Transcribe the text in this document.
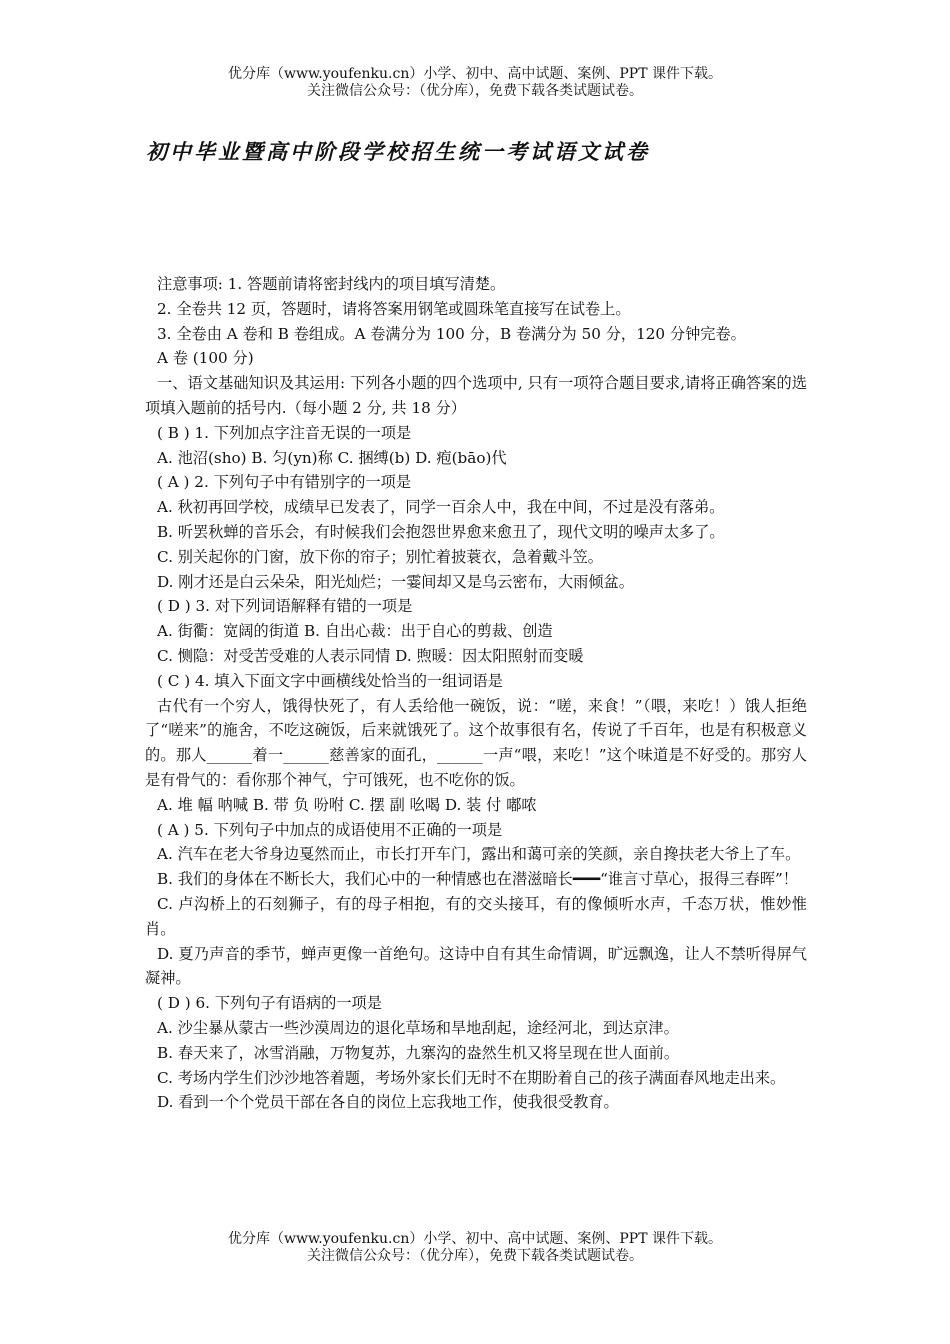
优分库（www.youfenku.cn）小学、初中、高中试题、案例、PPT 课件下载。
关注微信公众号：（优分库），免费下载各类试题试卷。
初中毕业暨高中阶段学校招生统一考试语文试卷

注意事项: 1. 答题前请将密封线内的项目填写清楚。

2. 全卷共 12 页，答题时，请将答案用钢笔或圆珠笔直接写在试卷上。

3. 全卷由 A 卷和 B 卷组成。A 卷满分为 100 分，B 卷满分为 50 分，120 分钟完卷。

A 卷 (100 分)

一、语文基础知识及其运用: 下列各小题的四个选项中, 只有一项符合题目要求,请将正确答案的选项填入题前的括号内.（每小题 2 分, 共 18 分）

( B ) 1. 下列加点字注音无误的一项是

A. 池沼(sho) B. 匀(yn)称 C. 捆缚(b) D. 疱(bāo)代

( A ) 2. 下列句子中有错别字的一项是

A. 秋初再回学校，成绩早已发表了，同学一百余人中，我在中间，不过是没有落弟。

B. 听罢秋蝉的音乐会，有时候我们会抱怨世界愈来愈丑了，现代文明的噪声太多了。

C. 别关起你的门窗，放下你的帘子；别忙着披蓑衣，急着戴斗笠。

D. 刚才还是白云朵朵，阳光灿烂；一霎间却又是乌云密布，大雨倾盆。

( D ) 3. 对下列词语解释有错的一项是

A. 街衢：宽阔的街道 B. 自出心裁：出于自心的剪裁、创造

C. 恻隐：对受苦受难的人表示同情 D. 煦暖：因太阳照射而变暖

( C ) 4. 填入下面文字中画横线处恰当的一组词语是

古代有一个穷人，饿得快死了，有人丢给他一碗饭，说：“嗟，来食！”（喂，来吃！）饿人拒绝了“嗟来”的施舍，不吃这碗饭，后来就饿死了。这个故事很有名，传说了千百年，也是有积极意义的。那人______着一______慈善家的面孔，______一声“喂，来吃！”这个味道是不好受的。那穷人是有骨气的：看你那个神气，宁可饿死，也不吃你的饭。

A. 堆 幅 呐喊 B. 带 负 吩咐 C. 摆 副 吆喝 D. 装 付 嘟哝

( A ) 5. 下列句子中加点的成语使用不正确的一项是

A. 汽车在老大爷身边戛然而止，市长打开车门，露出和蔼可亲的笑颜，亲自搀扶老大爷上了车。

B. 我们的身体在不断长大，我们心中的一种情感也在潜滋暗长━━━“谁言寸草心，报得三春晖”！

C. 卢沟桥上的石刻狮子，有的母子相抱，有的交头接耳，有的像倾听水声，千态万状，惟妙惟肖。

D. 夏乃声音的季节，蝉声更像一首绝句。这诗中自有其生命情调，旷远飘逸，让人不禁听得屏气凝神。

( D ) 6. 下列句子有语病的一项是

A. 沙尘暴从蒙古一些沙漠周边的退化草场和旱地刮起，途经河北，到达京津。

B. 春天来了，冰雪消融，万物复苏，九寨沟的盎然生机又将呈现在世人面前。

C. 考场内学生们沙沙地答着题，考场外家长们无时不在期盼着自己的孩子满面春风地走出来。

D. 看到一个个党员干部在各自的岗位上忘我地工作，使我很受教育。

优分库（www.youfenku.cn）小学、初中、高中试题、案例、PPT 课件下载。
关注微信公众号：（优分库），免费下载各类试题试卷。
